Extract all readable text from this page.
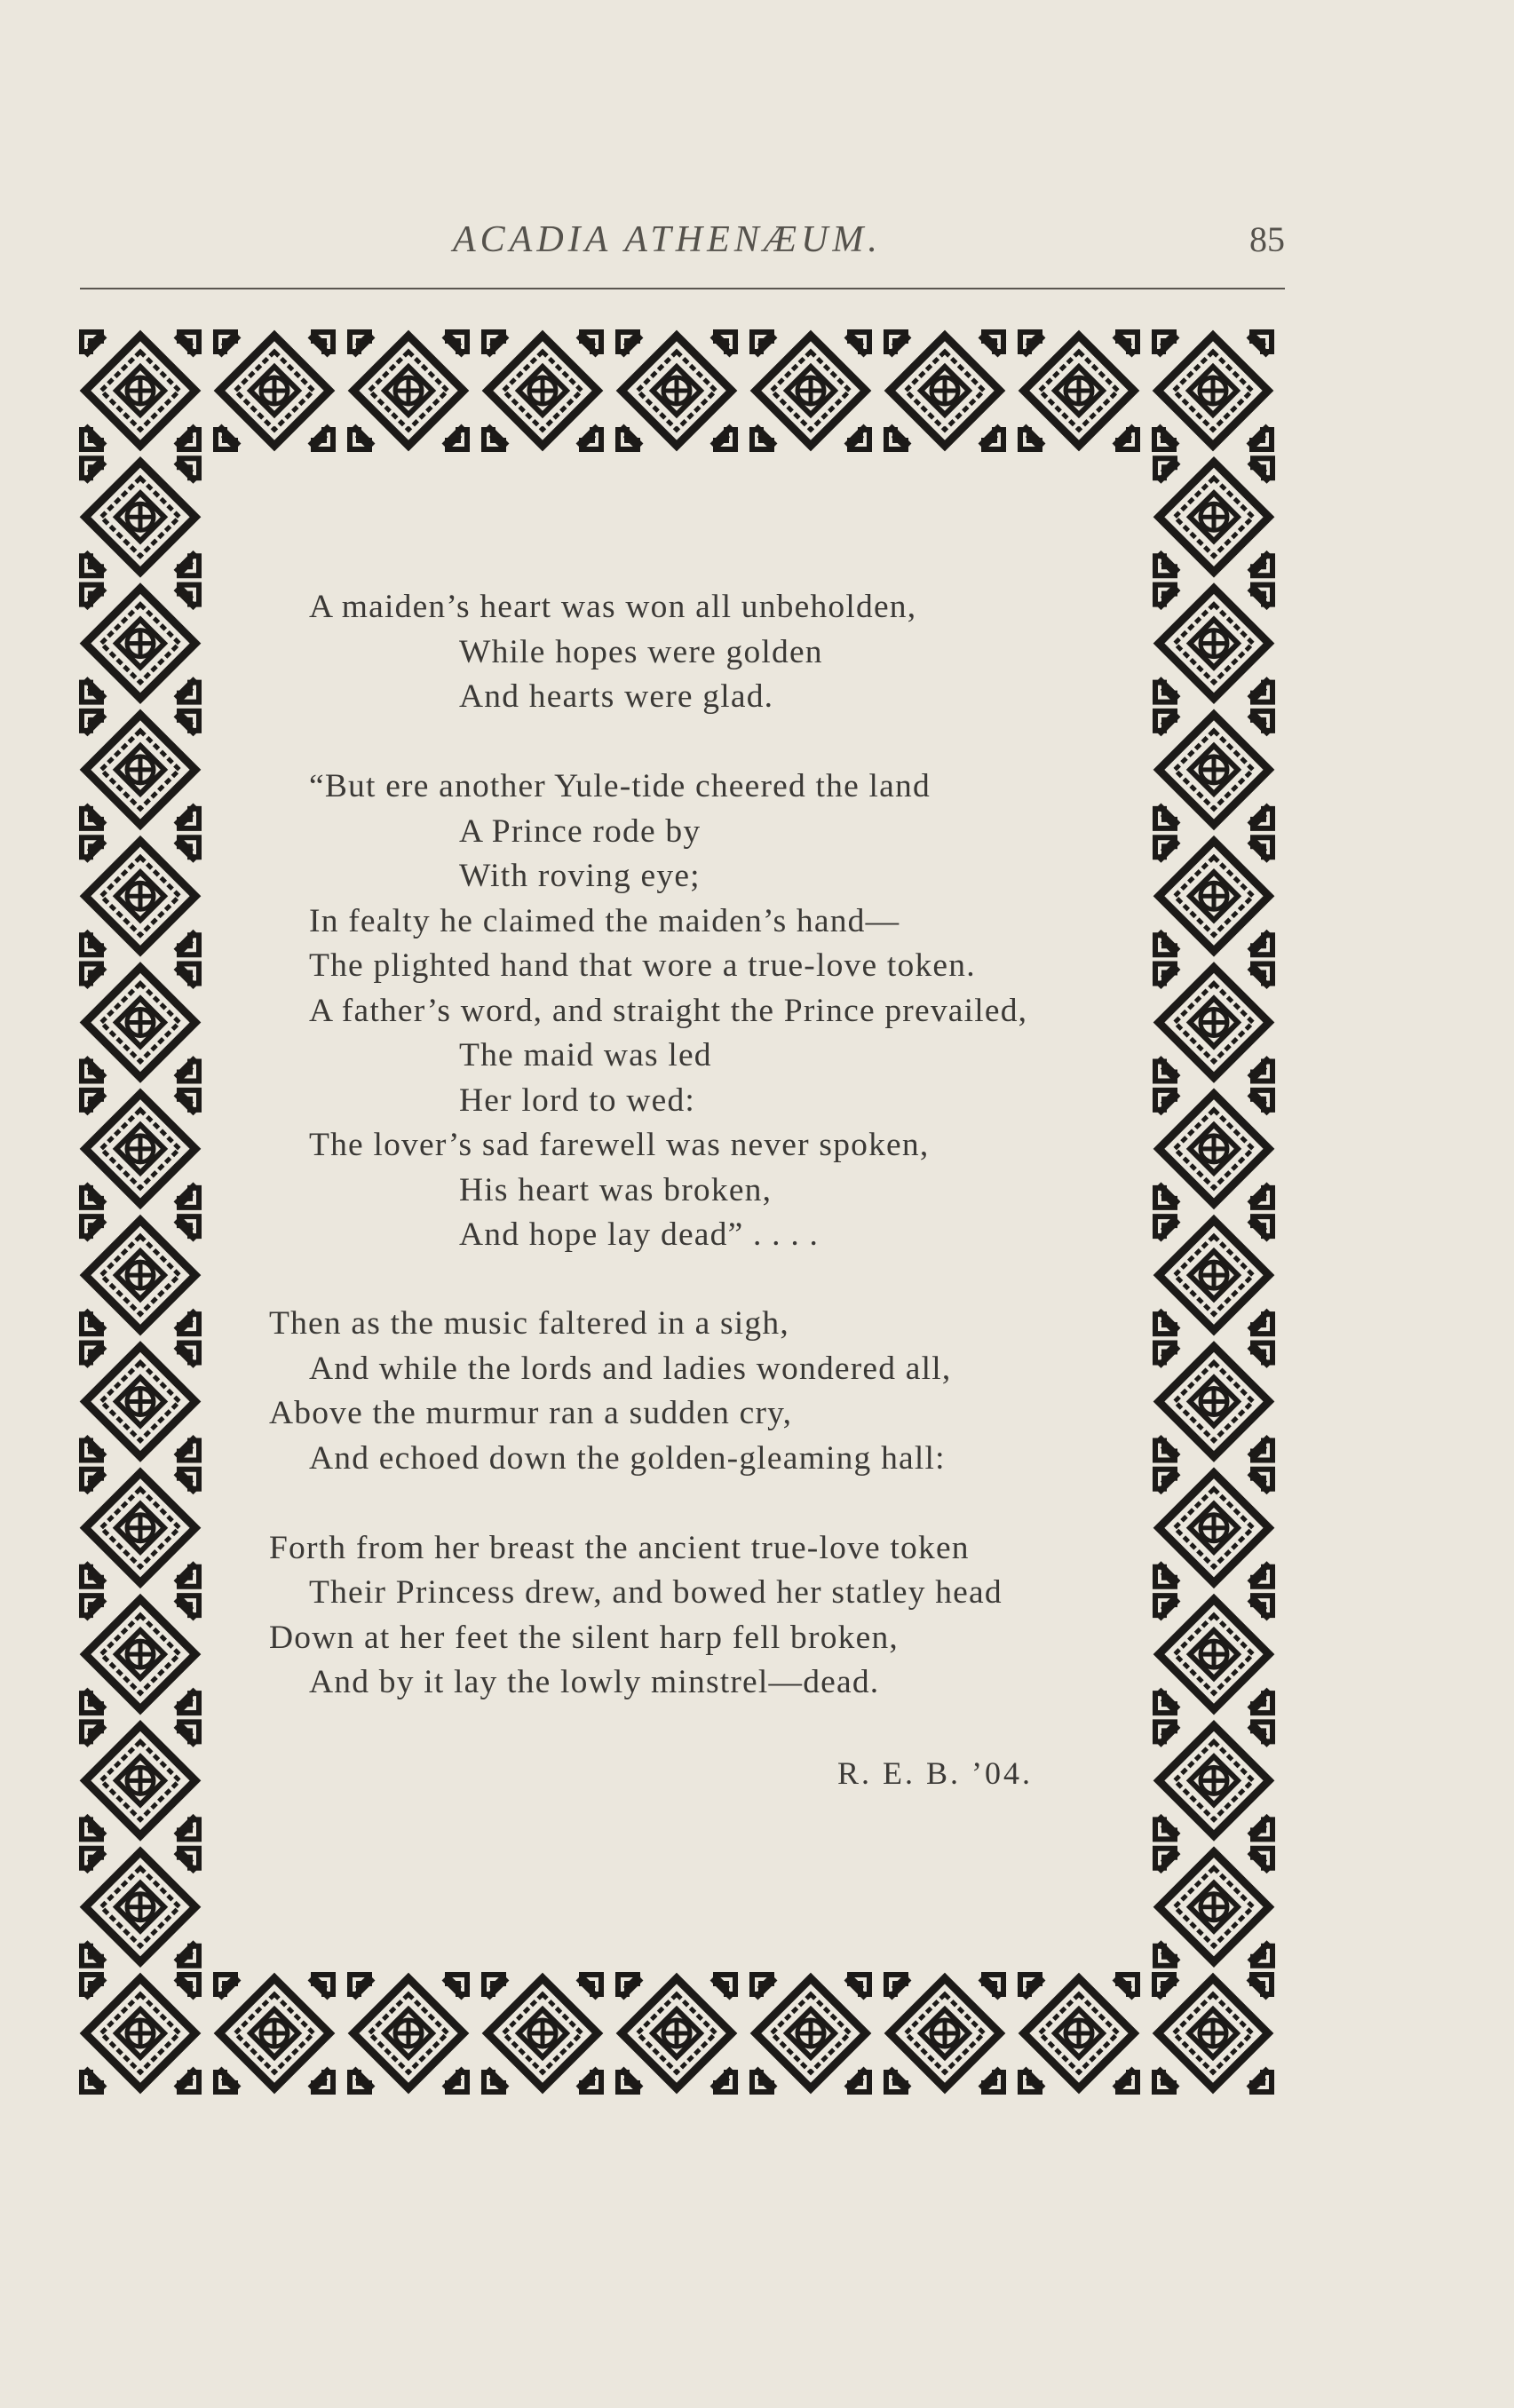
ACADIA ATHENÆUM.	85
A maiden’s heart was won all unbeholden,
While hopes were golden
And hearts were glad.
“But ere another Yule-tide cheered the land
A Prince rode by
With roving eye;
In fealty he claimed the maiden’s hand—
The plighted hand that wore a true-love token.
A father’s word, and straight the Prince prevailed,
The maid was led
Her lord to wed:
The lover’s sad farewell was never spoken,
His heart was broken,
And hope lay dead” . . . .
Then as the music faltered in a sigh,
And while the lords and ladies wondered all,
Above the murmur ran a sudden cry,
And echoed down the golden-gleaming hall:
Forth from her breast the ancient true-love token
Their Princess drew, and bowed her statley head
Down at her feet the silent harp fell broken,
And by it lay the lowly minstrel—dead.
R. E. B. ’04.
